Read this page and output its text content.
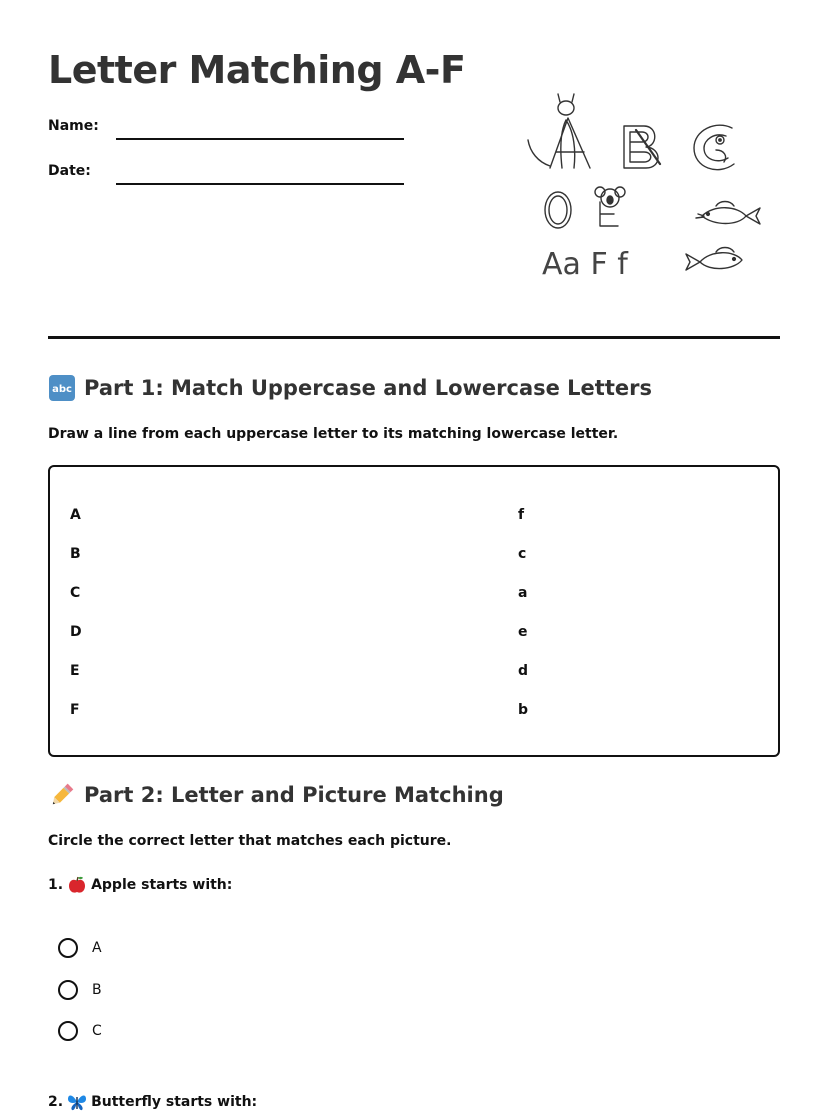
Letter Matching A-F
Name:
Date:
Aa F f
abc Part 1: Match Uppercase and Lowercase Letters

Draw a line from each uppercase letter to its matching lowercase letter.

A
B
C
D
E
F
f
c
a
e
d
b
Part 2: Letter and Picture Matching

Circle the correct letter that matches each picture.

1. Apple starts with:
A
B
C
2. Butterfly starts with:
